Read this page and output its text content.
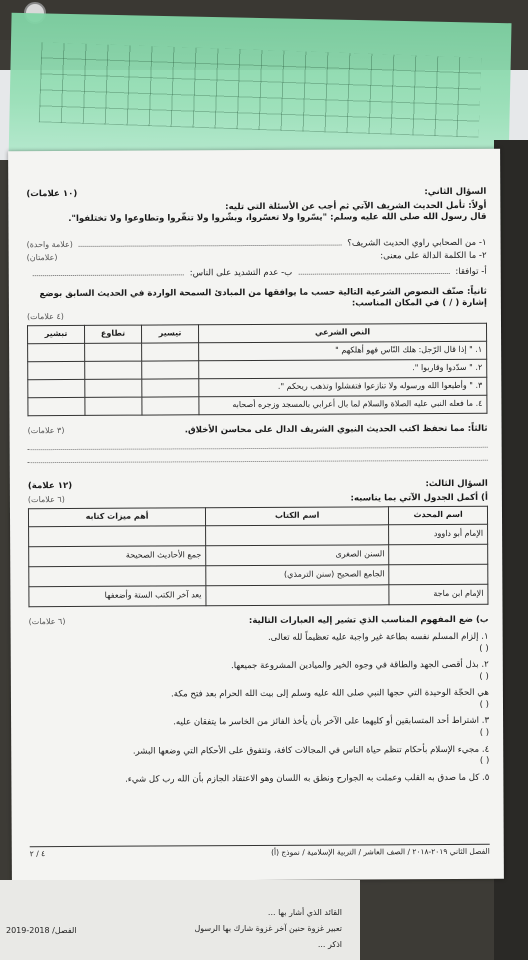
السؤال الثاني:
(١٠ علامات)
أولاً: تأمل الحديث الشريف الآتي ثم أجب عن الأسئلة التي تليه:
قال رسول الله صلى الله عليه وسلم: "يسّروا ولا تعسّروا، وبشّروا ولا تنفّروا وتطاوعوا ولا تختلفوا".
١- من الصحابي راوي الحديث الشريف؟
(علامة واحدة)
٢- ما الكلمة الدالة على معنى:
(علامتان)
أ- توافقا:
ب- عدم التشديد على الناس:
ثانياً: صنّف النصوص الشرعية التالية حسب ما يوافقها من المبادئ السمحة الواردة في الحديث السابق بوضع إشارة ( / ) في المكان المناسب:
(٤ علامات)
النص الشرعي	تيسير	تطاوع	تبشير
١. " إذا قال الرّجل: هلك النّاس فهو أهلكهم "			
٢. " سدّدوا وقاربوا ".			
٣. " وأطيعوا الله ورسوله ولا تنازعوا فتفشلوا وتذهب ريحكم ".			
٤. ما فعله النبي عليه الصلاة والسلام لما بال أعرابي بالمسجد وزجره أصحابه			
ثالثاً: مما تحفظ اكتب الحديث النبوي الشريف الدال على محاسن الأخلاق.
(٣ علامات)
السؤال الثالث:
(١٢ علامة)
أ) أكمل الجدول الآتي بما يناسبه:
(٦ علامات)
اسم المحدث	اسم الكتاب	أهم ميزات كتابه
الإمام أبو داوود		
	السنن الصغرى	جمع الأحاديث الصحيحة
	الجامع الصحيح (سنن الترمذي)	
الإمام ابن ماجة		يعد آخر الكتب الستة وأضعفها
ب) ضع المفهوم المناسب الذي تشير إليه العبارات التالية:
(٦ علامات)
١. إلزام المسلم نفسه بطاعة غير واجبة عليه تعظيماً لله تعالى.
( )
٢. بذل أقصى الجهد والطاقة في وجوه الخير والميادين المشروعة جميعها.
( )
هي الحجّة الوحيدة التي حجها النبي صلى الله عليه وسلم إلى بيت الله الحرام بعد فتح مكة.
( )
٣. اشتراط أحد المتسابقين أو كليهما على الآخر بأن يأخذ الفائز من الخاسر ما يتفقان عليه.
( )
٤. مجيء الإسلام بأحكام تنظم حياة الناس في المجالات كافة، وتتفوق على الأحكام التي وضعها البشر.
( )
٥. كل ما صدق به القلب وعملت به الجوارح ونطق به اللسان وهو الاعتقاد الجازم بأن الله رب كل شيء.
الفصل الثاني ٢٠١٩-٢٠١٨ / الصف العاشر / التربية الإسلامية / نموذج (أ)
٤ / ٢
القائد الذي أشار بها ...
تعبير غزوة حنين آخر غزوة شارك بها الرسول
اذكر ...
2019-2018 /الفصل
